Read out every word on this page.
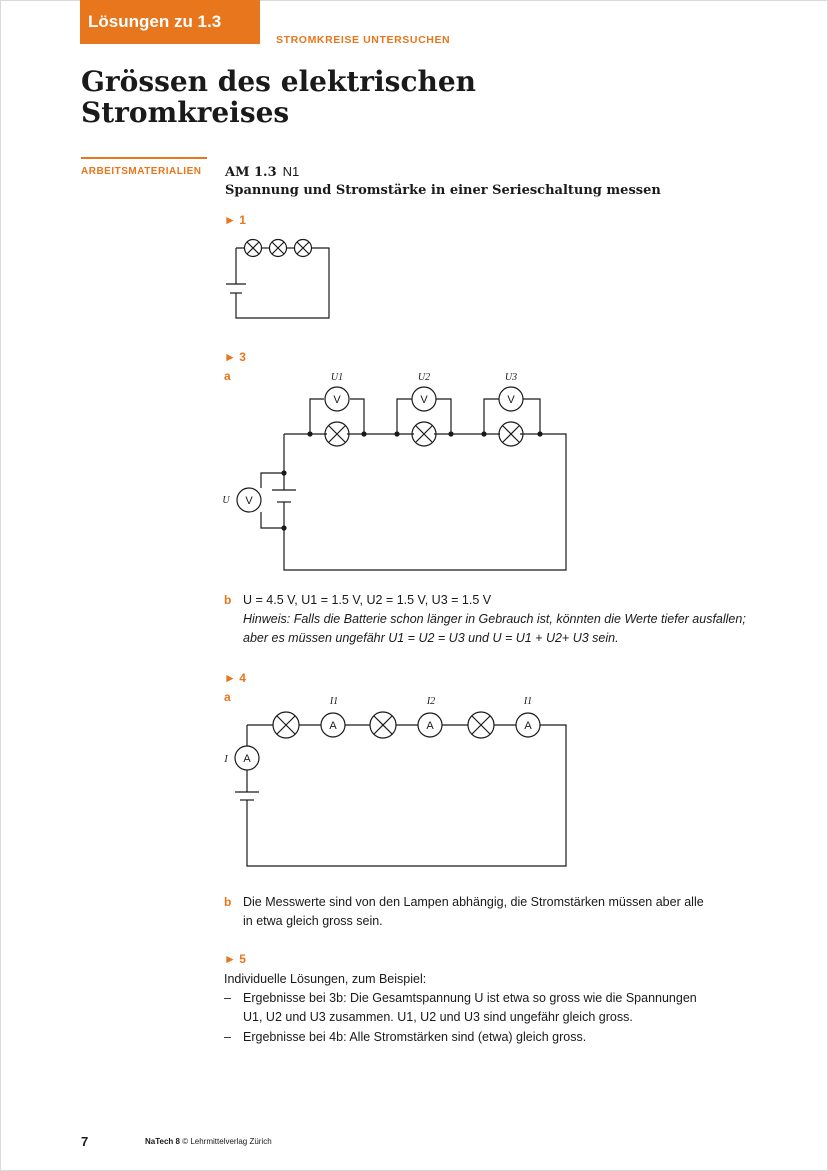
Lösungen zu 1.3
STROMKREISE UNTERSUCHEN
Grössen des elektrischen
Stromkreises
ARBEITSMATERIALIEN AM 1.3 N1
Spannung und Stromstärke in einer Serieschaltung messen
► 1
► 3
a
V
V	V	V
U
U1	U2	U3
A
A	A	A
I
I1	I2	I1
b U = 4.5 V, U1 = 1.5 V, U2 = 1.5 V, U3 = 1.5 V
Hinweis: Falls die Batterie schon länger in Gebrauch ist, könnten die Werte tiefer ausfallen;
aber es müssen ungefähr U1 = U2 = U3 und U = U1 + U2+ U3 sein.
► 4
a
b Die Messwerte sind von den Lampen abhängig, die Stromstärken müssen aber alle
in etwa gleich gross sein.
► 5
Individuelle Lösungen, zum Beispiel:
– Ergebnisse bei 3b: Die Gesamtspannung U ist etwa so gross wie die Spannungen
U1, U2 und U3 zusammen. U1, U2 und U3 sind ungefähr gleich gross.
– Ergebnisse bei 4b: Alle Stromstärken sind (etwa) gleich gross.
7	NaTech 8 © Lehrmittelverlag Zürich
